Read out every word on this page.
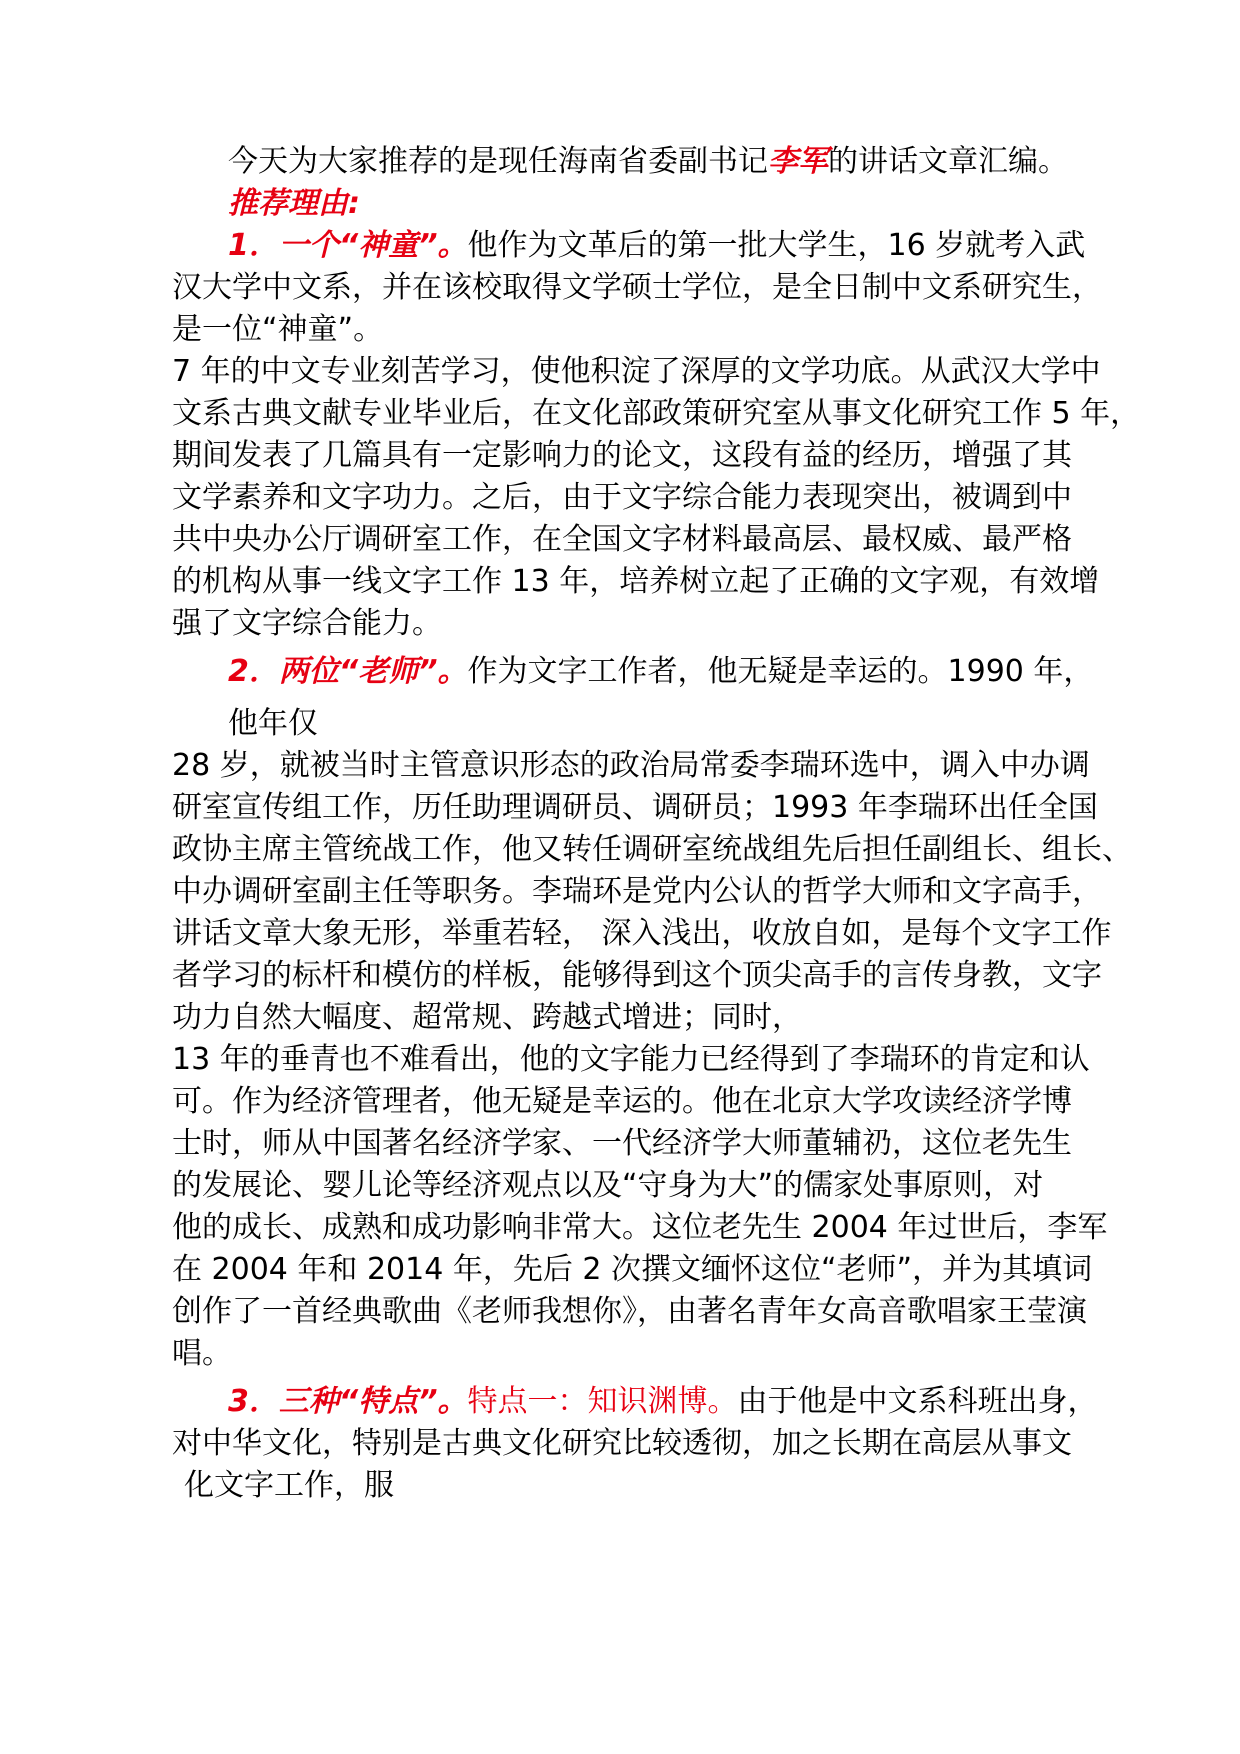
今天为大家推荐的是现任海南省委副书记李军的讲话文章汇编。
推荐理由:
1．一个“神童”。他作为文革后的第一批大学生，16 岁就考入武
汉大学中文系，并在该校取得文学硕士学位，是全日制中文系研究生，
是一位“神童”。
7 年的中文专业刻苦学习，使他积淀了深厚的文学功底。从武汉大学中
文系古典文献专业毕业后，在文化部政策研究室从事文化研究工作 5 年，
期间发表了几篇具有一定影响力的论文，这段有益的经历，增强了其
文学素养和文字功力。之后，由于文字综合能力表现突出，被调到中
共中央办公厅调研室工作，在全国文字材料最高层、最权威、最严格
的机构从事一线文字工作 13 年，培养树立起了正确的文字观，有效增
强了文字综合能力。
2．两位“老师”。作为文字工作者，他无疑是幸运的。1990 年，
他年仅
28 岁，就被当时主管意识形态的政治局常委李瑞环选中，调入中办调
研室宣传组工作，历任助理调研员、调研员；1993 年李瑞环出任全国
政协主席主管统战工作，他又转任调研室统战组先后担任副组长、组长、
中办调研室副主任等职务。李瑞环是党内公认的哲学大师和文字高手，
讲话文章大象无形，举重若轻， 深入浅出，收放自如，是每个文字工作
者学习的标杆和模仿的样板，能够得到这个顶尖高手的言传身教，文字
功力自然大幅度、超常规、跨越式增进；同时，
13 年的垂青也不难看出，他的文字能力已经得到了李瑞环的肯定和认
可。作为经济管理者，他无疑是幸运的。他在北京大学攻读经济学博
士时，师从中国著名经济学家、一代经济学大师董辅礽，这位老先生
的发展论、婴儿论等经济观点以及“守身为大”的儒家处事原则，对
他的成长、成熟和成功影响非常大。这位老先生 2004 年过世后，李军
在 2004 年和 2014 年，先后 2 次撰文缅怀这位“老师”，并为其填词
创作了一首经典歌曲《老师我想你》，由著名青年女高音歌唱家王莹演
唱。
3．三种“特点”。特点一：知识渊博。由于他是中文系科班出身，
对中华文化，特别是古典文化研究比较透彻，加之长期在高层从事文
化文字工作，服
